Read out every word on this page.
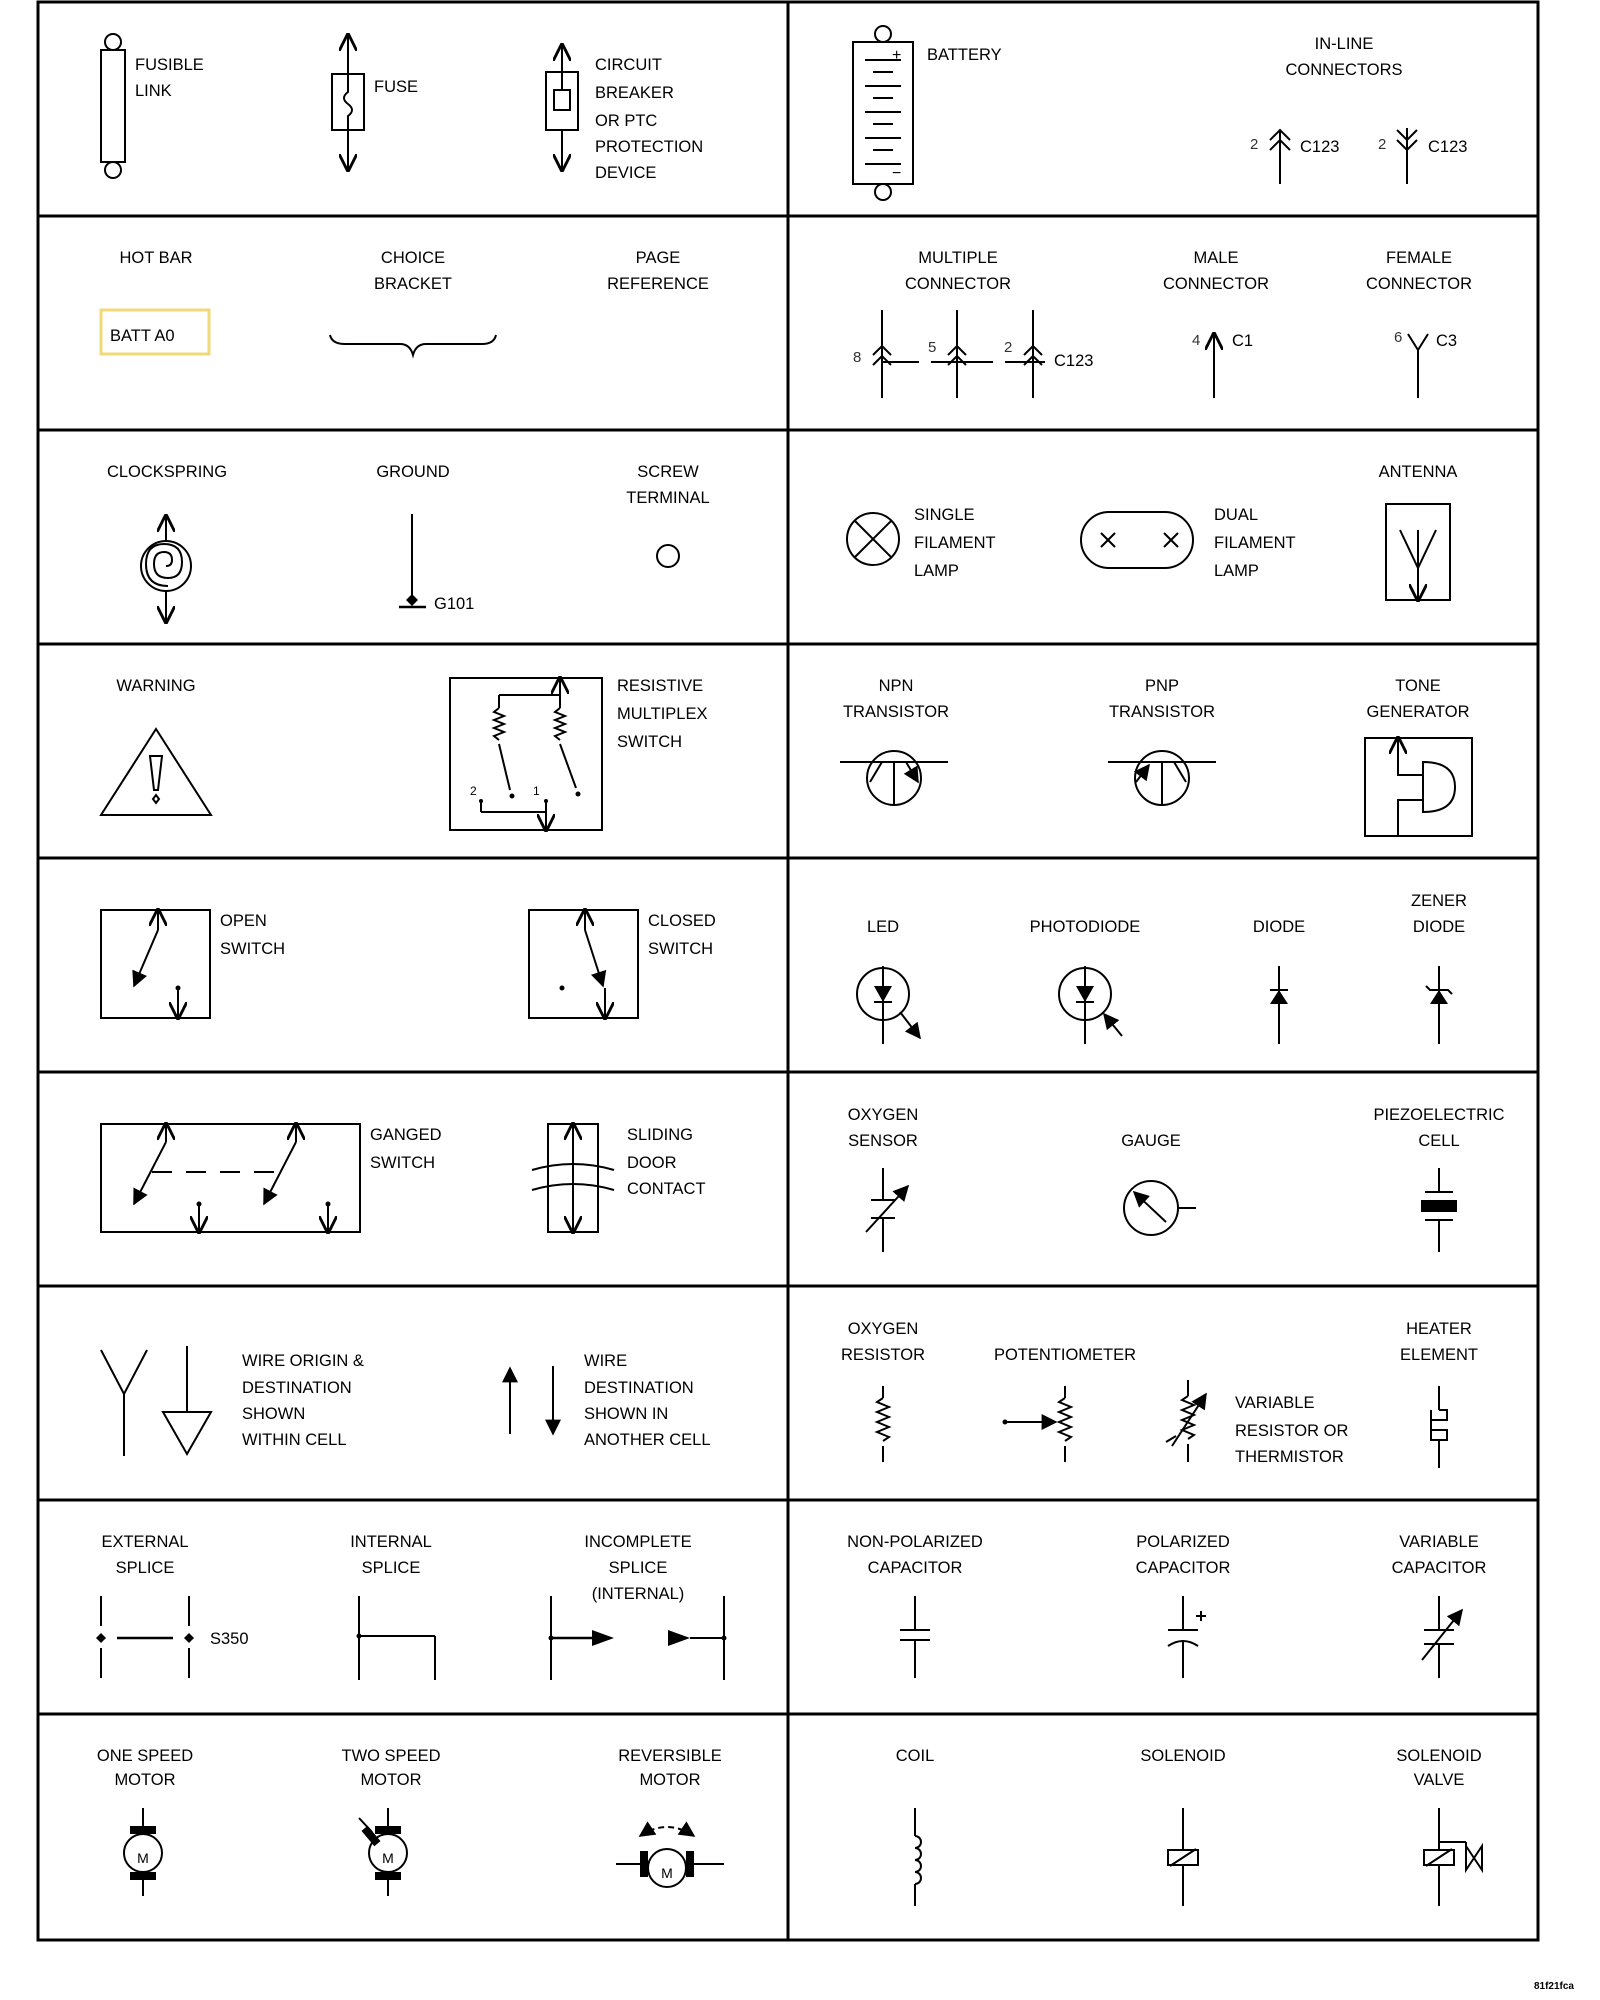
FUSIBLE LINK	FUSE
CIRCUIT BREAKER OR PTC PROTECTION DEVICE
+
−
BATTERY
IN-LINE CONNECTORS
2	C123	2	C123
HOT BAR
BATT A0
CHOICE BRACKET
PAGE REFERENCE
MULTIPLE CONNECTOR
8
5	2
C123
MALE CONNECTOR
4 C1
FEMALE CONNECTOR
6 C3
CLOCKSPRING	GROUND
G101
SCREW TERMINAL
SINGLE FILAMENT LAMP
DUAL FILAMENT LAMP
ANTENNA
WARNING
2	1
RESISTIVE MULTIPLEX SWITCH
NPN TRANSISTOR
PNP TRANSISTOR
TONE GENERATOR
OPEN SWITCH
CLOSED SWITCH
LED	PHOTODIODE	DIODE
ZENER DIODE
GANGED SWITCH
SLIDING DOOR CONTACT
OXYGEN SENSOR	GAUGE
PIEZOELECTRIC CELL
WIRE ORIGIN & DESTINATION SHOWN WITHIN CELL
WIRE DESTINATION SHOWN IN ANOTHER CELL
OXYGEN RESISTOR	POTENTIOMETER
VARIABLE RESISTOR OR THERMISTOR
HEATER ELEMENT
EXTERNAL SPLICE
S350
INTERNAL SPLICE
INCOMPLETE SPLICE (INTERNAL)
NON-POLARIZED CAPACITOR
POLARIZED CAPACITOR
VARIABLE CAPACITOR
ONE SPEED MOTOR
M
TWO SPEED MOTOR
M
REVERSIBLE MOTOR
M
COIL	SOLENOID	SOLENOID VALVE
81f21fca
